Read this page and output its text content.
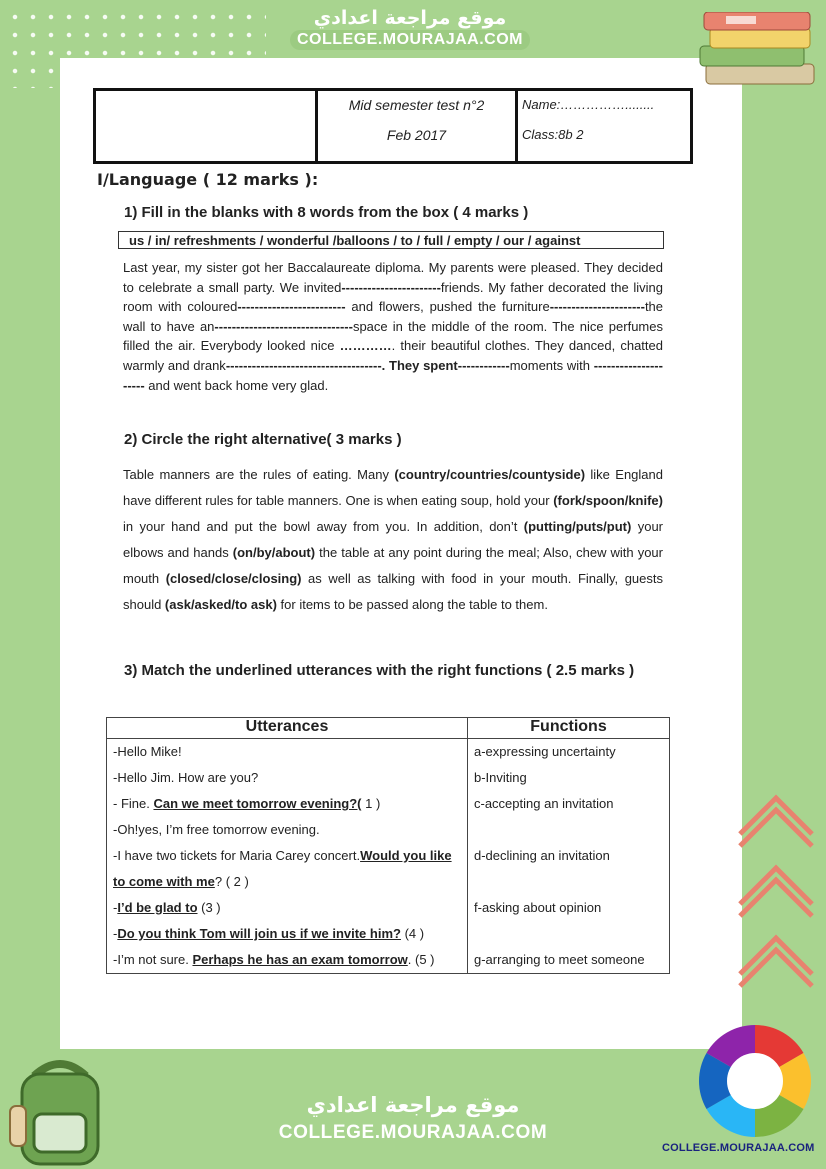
موقع مراجعة اعدادي
COLLEGE.MOURAJAA.COM
Mid semester test n°2
Feb 2017
Name:……………........
Class:8b 2
I/Language ( 12 marks ):
1) Fill in the blanks with 8 words from the box ( 4 marks )
us / in/ refreshments / wonderful /balloons / to / full / empty / our / against
Last year, my sister got her Baccalaureate diploma. My parents were pleased. They decided to celebrate a small party. We invited-----------------------friends. My father decorated the living room with coloured------------------------- and flowers, pushed the furniture----------------------the wall to have an--------------------------------space in the middle of the room. The nice perfumes filled the air. Everybody looked nice …………. their beautiful clothes. They danced, chatted warmly and drank------------------------------------. They spent------------moments with --------------------- and went back home very glad.
2) Circle the right alternative( 3 marks )
Table manners are the rules of eating. Many (country/countries/countyside) like England have different rules for table manners. One is when eating soup, hold your (fork/spoon/knife) in your hand and put the bowl away from you. In addition, don’t (putting/puts/put) your elbows and hands (on/by/about) the table at any point during the meal; Also, chew with your mouth (closed/close/closing) as well as talking with food in your mouth. Finally, guests should (ask/asked/to ask) for items to be passed along the table to them.
3) Match the underlined utterances with the right functions ( 2.5 marks )
Utterances	Functions
-Hello Mike!	a-expressing uncertainty
-Hello Jim. How are you?	b-Inviting
- Fine. Can we meet tomorrow evening?( 1 )	c-accepting an invitation
-Oh!yes, I’m free tomorrow evening.	
-I have two tickets for Maria Carey concert.Would you like to come with me? ( 2 )	d-declining an invitation
-I’d be glad to (3 )	f-asking about opinion
-Do you think Tom will join us if we invite him? (4 )	
-I’m not sure. Perhaps he has an exam tomorrow. (5 )	g-arranging to meet someone
موقع مراجعة اعدادي
COLLEGE.MOURAJAA.COM
COLLEGE.MOURAJAA.COM
